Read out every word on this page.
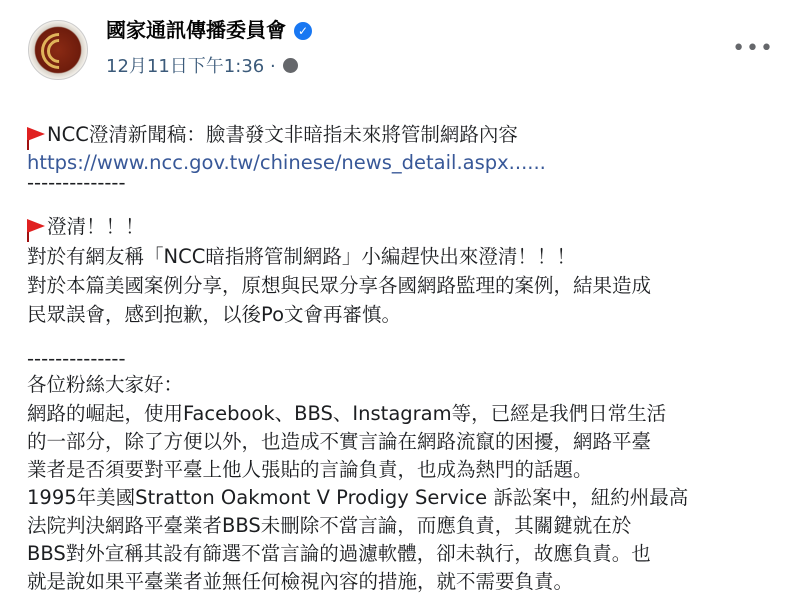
國家通訊傳播委員會 ✓
12月11日下午1:36 ·
•••
NCC澄清新聞稿：臉書發文非暗指未來將管制網路內容
https://www.ncc.gov.tw/chinese/news_detail.aspx......
--------------
澄清！！！
對於有網友稱「NCC暗指將管制網路」小編趕快出來澄清！！！
對於本篇美國案例分享，原想與民眾分享各國網路監理的案例，結果造成
民眾誤會，感到抱歉，以後Po文會再審慎。
--------------
各位粉絲大家好：
網路的崛起，使用Facebook、BBS、Instagram等，已經是我們日常生活
的一部分，除了方便以外，也造成不實言論在網路流竄的困擾，網路平臺
業者是否須要對平臺上他人張貼的言論負責，也成為熱門的話題。
1995年美國Stratton Oakmont V Prodigy Service 訴訟案中，紐約州最高
法院判決網路平臺業者BBS未刪除不當言論，而應負責，其關鍵就在於
BBS對外宣稱其設有篩選不當言論的過濾軟體，卻未執行，故應負責。也
就是說如果平臺業者並無任何檢視內容的措施，就不需要負責。
